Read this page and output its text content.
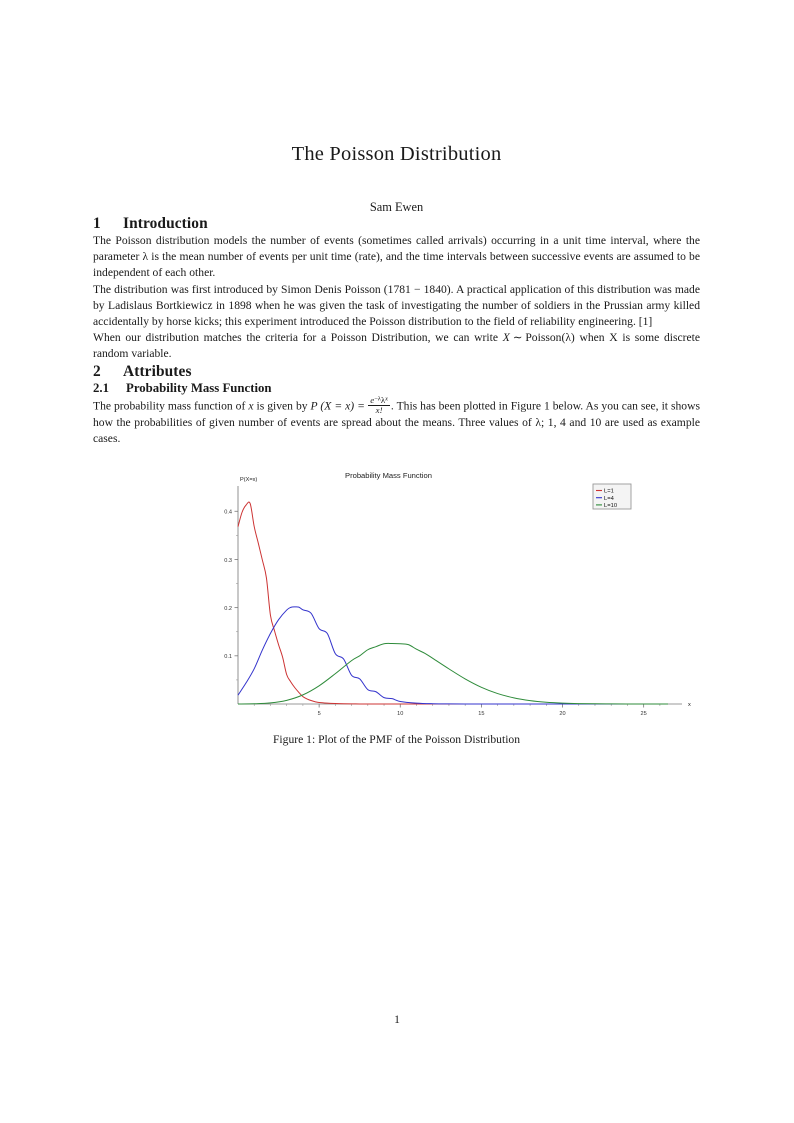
The Poisson Distribution
Sam Ewen
1 Introduction

The Poisson distribution models the number of events (sometimes called arrivals) occurring in a unit time interval, where the parameter λ is the mean number of events per unit time (rate), and the time intervals between successive events are assumed to be independent of each other.

The distribution was first introduced by Simon Denis Poisson (1781 − 1840). A practical application of this distribution was made by Ladislaus Bortkiewicz in 1898 when he was given the task of investigating the number of soldiers in the Prussian army killed accidentally by horse kicks; this experiment introduced the Poisson distribution to the field of reliability engineering. [1]

When our distribution matches the criteria for a Poisson Distribution, we can write X  ∼  Poisson(λ) when X is some discrete random variable.

2 Attributes
2.1 Probability Mass Function

The probability mass function of x is given by P $(X = x) = \frac{e^{-\lambda}\lambda^x}{x!}$ . This has been plotted in Figure 1 below. As you can see, it shows how the probabilities of given number of events are spread about the means. Three values of λ; 1, 4 and 10 are used as example cases.

Probability Mass Function
0.1
0.2
0.3
0.4
5	10	15	20	25
P(X=x)
x
L=1
L=4
L=10
Figure 1: Plot of the PMF of the Poisson Distribution
1
